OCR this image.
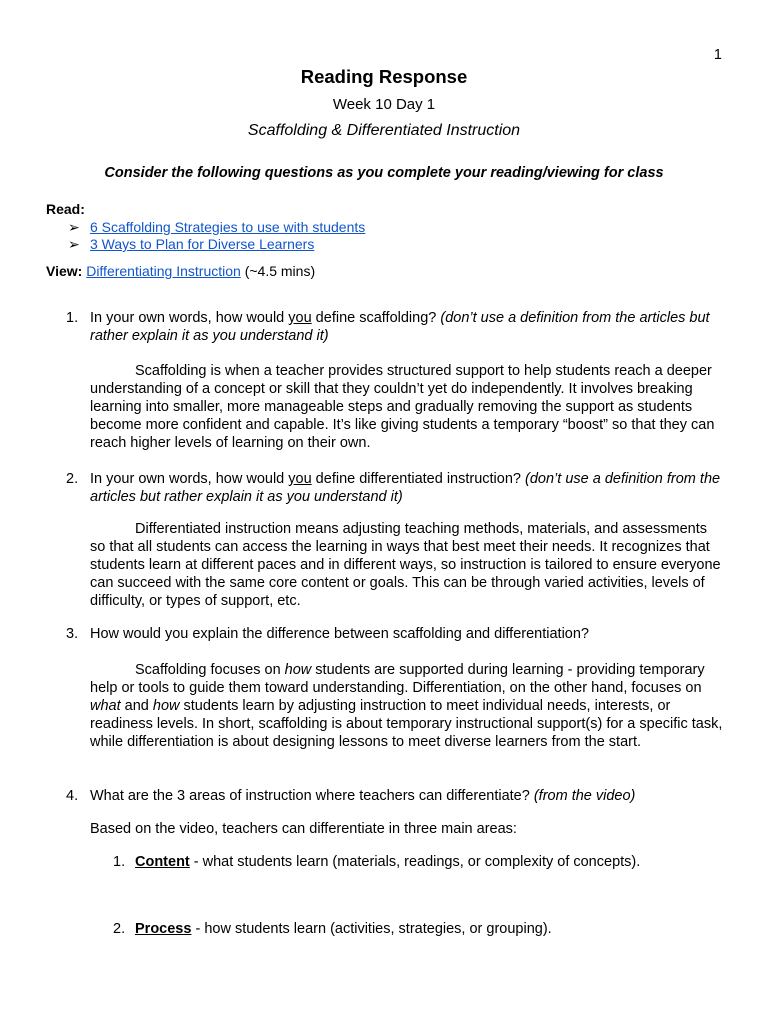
1
Reading Response
Week 10 Day 1
Scaffolding & Differentiated Instruction
Consider the following questions as you complete your reading/viewing for class
Read:
➢ 6 Scaffolding Strategies to use with students
➢ 3 Ways to Plan for Diverse Learners
View: Differentiating Instruction (~4.5 mins)
1. In your own words, how would you define scaffolding? (don’t use a definition from the articles but rather explain it as you understand it)
Scaffolding is when a teacher provides structured support to help students reach a deeper understanding of a concept or skill that they couldn’t yet do independently. It involves breaking learning into smaller, more manageable steps and gradually removing the support as students become more confident and capable. It’s like giving students a temporary “boost” so that they can reach higher levels of learning on their own.
2. In your own words, how would you define differentiated instruction? (don’t use a definition from the articles but rather explain it as you understand it)
Differentiated instruction means adjusting teaching methods, materials, and assessments so that all students can access the learning in ways that best meet their needs. It recognizes that students learn at different paces and in different ways, so instruction is tailored to ensure everyone can succeed with the same core content or goals. This can be through varied activities, levels of difficulty, or types of support, etc.
3. How would you explain the difference between scaffolding and differentiation?
Scaffolding focuses on how students are supported during learning - providing temporary help or tools to guide them toward understanding. Differentiation, on the other hand, focuses on what and how students learn by adjusting instruction to meet individual needs, interests, or readiness levels. In short, scaffolding is about temporary instructional support(s) for a specific task, while differentiation is about designing lessons to meet diverse learners from the start.
4. What are the 3 areas of instruction where teachers can differentiate? (from the video)
Based on the video, teachers can differentiate in three main areas:
1. Content - what students learn (materials, readings, or complexity of concepts).
2. Process - how students learn (activities, strategies, or grouping).
